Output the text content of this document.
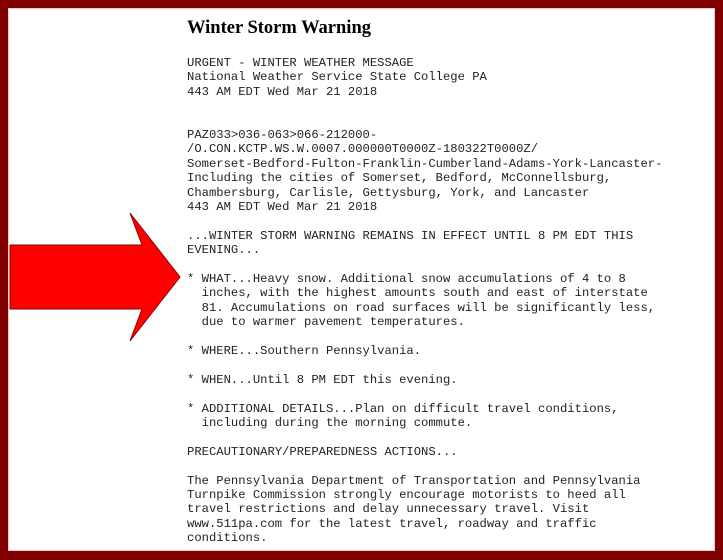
Winter Storm Warning
URGENT - WINTER WEATHER MESSAGE
National Weather Service State College PA
443 AM EDT Wed Mar 21 2018
PAZ033>036-063>066-212000-
/O.CON.KCTP.WS.W.0007.000000T0000Z-180322T0000Z/
Somerset-Bedford-Fulton-Franklin-Cumberland-Adams-York-Lancaster-
Including the cities of Somerset, Bedford, McConnellsburg,
Chambersburg, Carlisle, Gettysburg, York, and Lancaster
443 AM EDT Wed Mar 21 2018
...WINTER STORM WARNING REMAINS IN EFFECT UNTIL 8 PM EDT THIS
EVENING...
* WHAT...Heavy snow. Additional snow accumulations of 4 to 8
inches, with the highest amounts south and east of interstate
81. Accumulations on road surfaces will be significantly less,
due to warmer pavement temperatures.
* WHERE...Southern Pennsylvania.
* WHEN...Until 8 PM EDT this evening.
* ADDITIONAL DETAILS...Plan on difficult travel conditions,
including during the morning commute.
PRECAUTIONARY/PREPAREDNESS ACTIONS...
The Pennsylvania Department of Transportation and Pennsylvania
Turnpike Commission strongly encourage motorists to heed all
travel restrictions and delay unnecessary travel. Visit
www.511pa.com for the latest travel, roadway and traffic
conditions.
